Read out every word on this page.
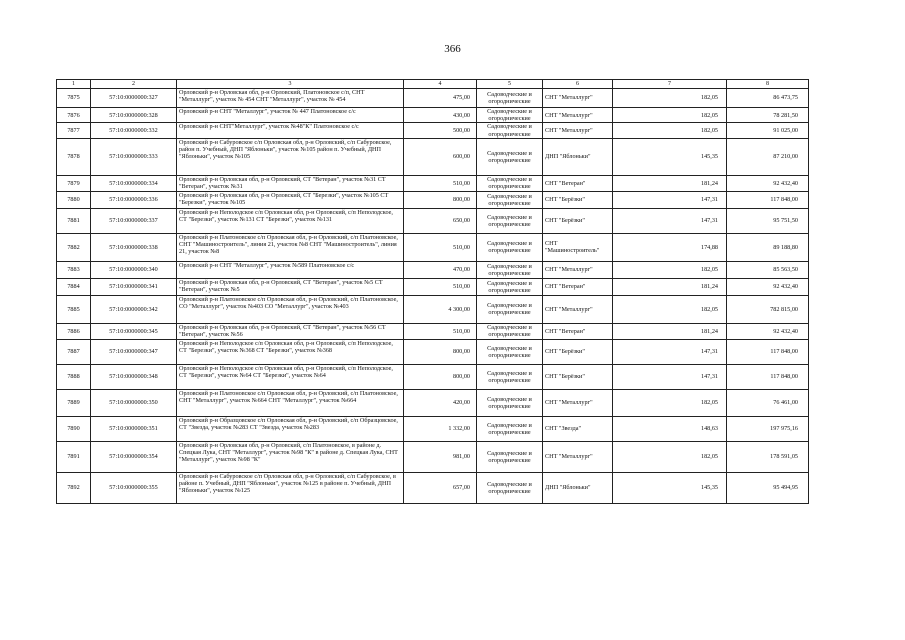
366
1	2	3	4	5	6	7	8
7875	57:10:0000000:327	Орловский р-н Орловская обл, р-н Орловский, Платоновское с/п, СНТ "Металлург", участок № 454 СНТ "Металлург", участок № 454	475,00	Садоводческие и огороднические	СНТ "Металлург"	182,05	86 473,75
7876	57:10:0000000:328	Орловский р-н СНТ "Металлург", участок № 447 Платоновское с/с	430,00	Садоводческие и огороднические	СНТ "Металлург"	182,05	78 281,50
7877	57:10:0000000:332	Орловский р-н СНТ"Металлург", участок №48"К" Платоновское с/с	500,00	Садоводческие и огороднические	СНТ "Металлург"	182,05	91 025,00
7878	57:10:0000000:333	Орловский р-н Сабуровское с/п Орловская обл, р-н Орловский, с/п Сабуровское, район п. Учебный, ДНП "Яблоньки", участок №105 район п. Учебный, ДНП "Яблоньки", участок №105	600,00	Садоводческие и огороднические	ДНП "Яблоньки"	145,35	87 210,00
7879	57:10:0000000:334	Орловский р-н Орловская обл, р-н Орловский, СТ "Ветеран", участок №31 СТ "Ветеран", участок №31	510,00	Садоводческие и огороднические	СНТ "Ветеран"	181,24	92 432,40
7880	57:10:0000000:336	Орловский р-н Орловская обл, р-н Орловский, СТ "Березки", участок №105 СТ "Березки", участок №105	800,00	Садоводческие и огороднические	СНТ "Берёзки"	147,31	117 848,00
7881	57:10:0000000:337	Орловский р-н Неполодское с/п Орловская обл, р-н Орловский, с/п Неполодское, СТ "Березки", участок №131 СТ "Березки", участок №131	650,00	Садоводческие и огороднические	СНТ "Берёзки"	147,31	95 751,50
7882	57:10:0000000:338	Орловский р-н Платоновское с/п Орловская обл, р-н Орловский, с/п Платоновское, СНТ "Машиностроитель", линия 21, участок №8 СНТ "Машиностроитель", линия 21, участок №8	510,00	Садоводческие и огороднические	СНТ "Машиностроитель"	174,88	89 188,80
7883	57:10:0000000:340	Орловский р-н СНТ "Металлург", участок №589 Платоновское с/с	470,00	Садоводческие и огороднические	СНТ "Металлург"	182,05	85 563,50
7884	57:10:0000000:341	Орловский р-н Орловская обл, р-н Орловский, СТ "Ветеран", участок №5 СТ "Ветеран", участок №5	510,00	Садоводческие и огороднические	СНТ "Ветеран"	181,24	92 432,40
7885	57:10:0000000:342	Орловский р-н Платоновское с/п Орловская обл, р-н Орловский, с/п Платоновское, СО "Металлург", участок №403 СО "Металлург", участок №403	4 300,00	Садоводческие и огороднические	СНТ "Металлург"	182,05	782 815,00
7886	57:10:0000000:345	Орловский р-н Орловская обл, р-н Орловский, СТ "Ветеран", участок №56 СТ "Ветеран", участок №56	510,00	Садоводческие и огороднические	СНТ "Ветеран"	181,24	92 432,40
7887	57:10:0000000:347	Орловский р-н Неполодское с/п Орловская обл, р-н Орловский, с/п Неполодское, СТ "Березки", участок №368 СТ "Березки", участок №368	800,00	Садоводческие и огороднические	СНТ "Берёзки"	147,31	117 848,00
7888	57:10:0000000:348	Орловский р-н Неполодское с/п Орловская обл, р-н Орловский, с/п Неполодское, СТ "Березки", участок №64 СТ "Березки", участок №64	800,00	Садоводческие и огороднические	СНТ "Берёзки"	147,31	117 848,00
7889	57:10:0000000:350	Орловский р-н Платоновское с/п Орловская обл, р-н Орловский, с/п Платоновское, СНТ "Металлург", участок №664 СНТ "Металлург", участок №664	420,00	Садоводческие и огороднические	СНТ "Металлург"	182,05	76 461,00
7890	57:10:0000000:351	Орловский р-н Образцовское с/п Орловская обл, р-н Орловский, с/п Образцовское, СТ "Звезда, участок №283 СТ "Звезда, участок №283	1 332,00	Садоводческие и огороднические	СНТ "Звезда"	148,63	197 975,16
7891	57:10:0000000:354	Орловский р-н Орловская обл, р-н Орловский, с/п Платоновское, в районе д. Спецкая Лука, СНТ "Металлург", участок №98 "К" в районе д. Спецкая Лука, СНТ "Металлург", участок №98 "К"	981,00	Садоводческие и огороднические	СНТ "Металлург"	182,05	178 591,05
7892	57:10:0000000:355	Орловский р-н Сабуровское с/п Орловская обл, р-н Орловский, с/п Сабуровское, в районе п. Учебный, ДНП "Яблоньки", участок №125 в районе п. Учебный, ДНП "Яблоньки", участок №125	657,00	Садоводческие и огороднические	ДНП "Яблоньки"	145,35	95 494,95
